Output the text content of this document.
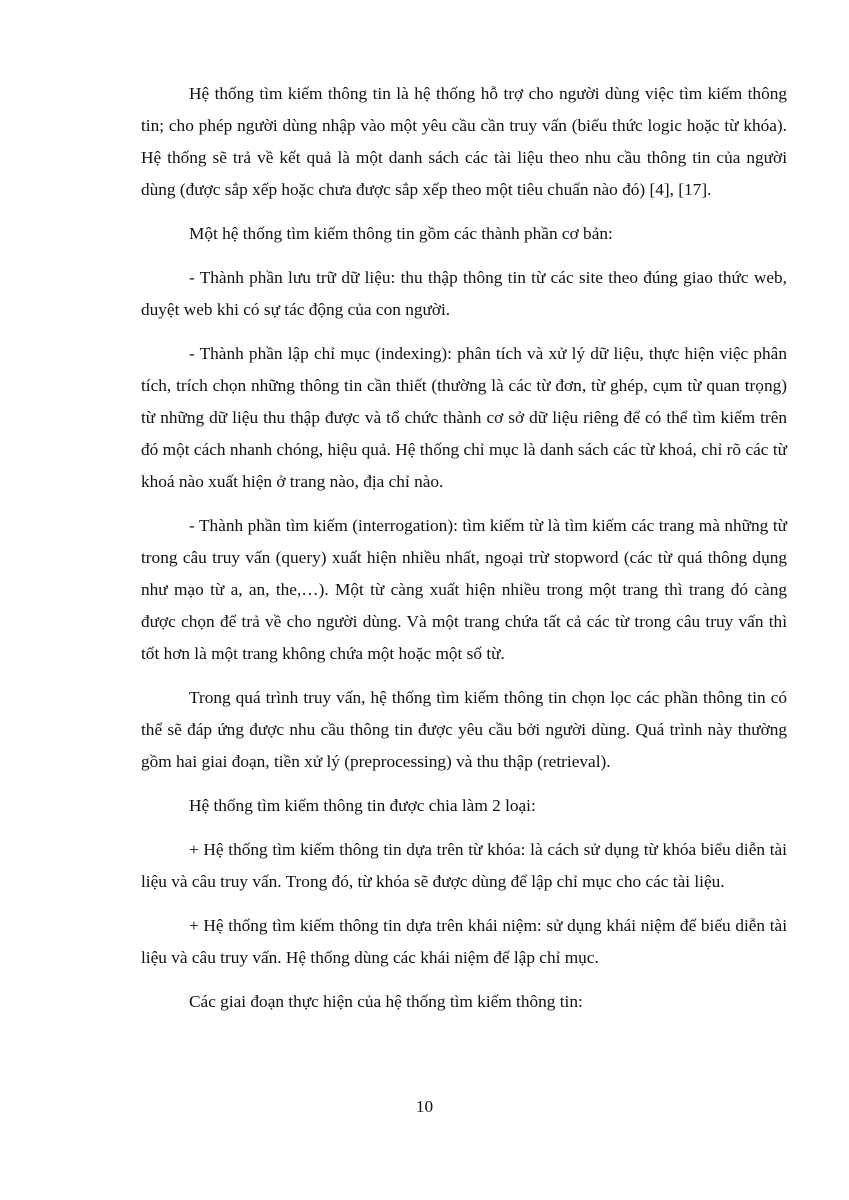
Hệ thống tìm kiếm thông tin là hệ thống hỗ trợ cho người dùng việc tìm kiếm thông tin; cho phép người dùng nhập vào một yêu cầu cần truy vấn (biểu thức logic hoặc từ khóa). Hệ thống sẽ trả về kết quả là một danh sách các tài liệu theo nhu cầu thông tin của người dùng (được sắp xếp hoặc chưa được sắp xếp theo một tiêu chuẩn nào đó) [4], [17].

Một hệ thống tìm kiếm thông tin gồm các thành phần cơ bản:

- Thành phần lưu trữ dữ liệu: thu thập thông tin từ các site theo đúng giao thức web, duyệt web khi có sự tác động của con người.

- Thành phần lập chỉ mục (indexing): phân tích và xử lý dữ liệu, thực hiện việc phân tích, trích chọn những thông tin cần thiết (thường là các từ đơn, từ ghép, cụm từ quan trọng) từ những dữ liệu thu thập được và tổ chức thành cơ sở dữ liệu riêng để có thể tìm kiếm trên đó một cách nhanh chóng, hiệu quả. Hệ thống chỉ mục là danh sách các từ khoá, chỉ rõ các từ khoá nào xuất hiện ở trang nào, địa chỉ nào.

- Thành phần tìm kiếm (interrogation): tìm kiếm từ là tìm kiếm các trang mà những từ trong câu truy vấn (query) xuất hiện nhiều nhất, ngoại trừ stopword (các từ quá thông dụng như mạo từ a, an, the,…). Một từ càng xuất hiện nhiều trong một trang thì trang đó càng được chọn để trả về cho người dùng. Và một trang chứa tất cả các từ trong câu truy vấn thì tốt hơn là một trang không chứa một hoặc một số từ.

Trong quá trình truy vấn, hệ thống tìm kiếm thông tin chọn lọc các phần thông tin có thể sẽ đáp ứng được nhu cầu thông tin được yêu cầu bởi người dùng. Quá trình này thường gồm hai giai đoạn, tiền xử lý (preprocessing) và thu thập (retrieval).

Hệ thống tìm kiếm thông tin được chia làm 2 loại:

+ Hệ thống tìm kiếm thông tin dựa trên từ khóa: là cách sử dụng từ khóa biểu diễn tài liệu và câu truy vấn. Trong đó, từ khóa sẽ được dùng để lập chỉ mục cho các tài liệu.

+ Hệ thống tìm kiếm thông tin dựa trên khái niệm: sử dụng khái niệm để biểu diễn tài liệu và câu truy vấn. Hệ thống dùng các khái niệm để lập chỉ mục.

Các giai đoạn thực hiện của hệ thống tìm kiếm thông tin:

10
